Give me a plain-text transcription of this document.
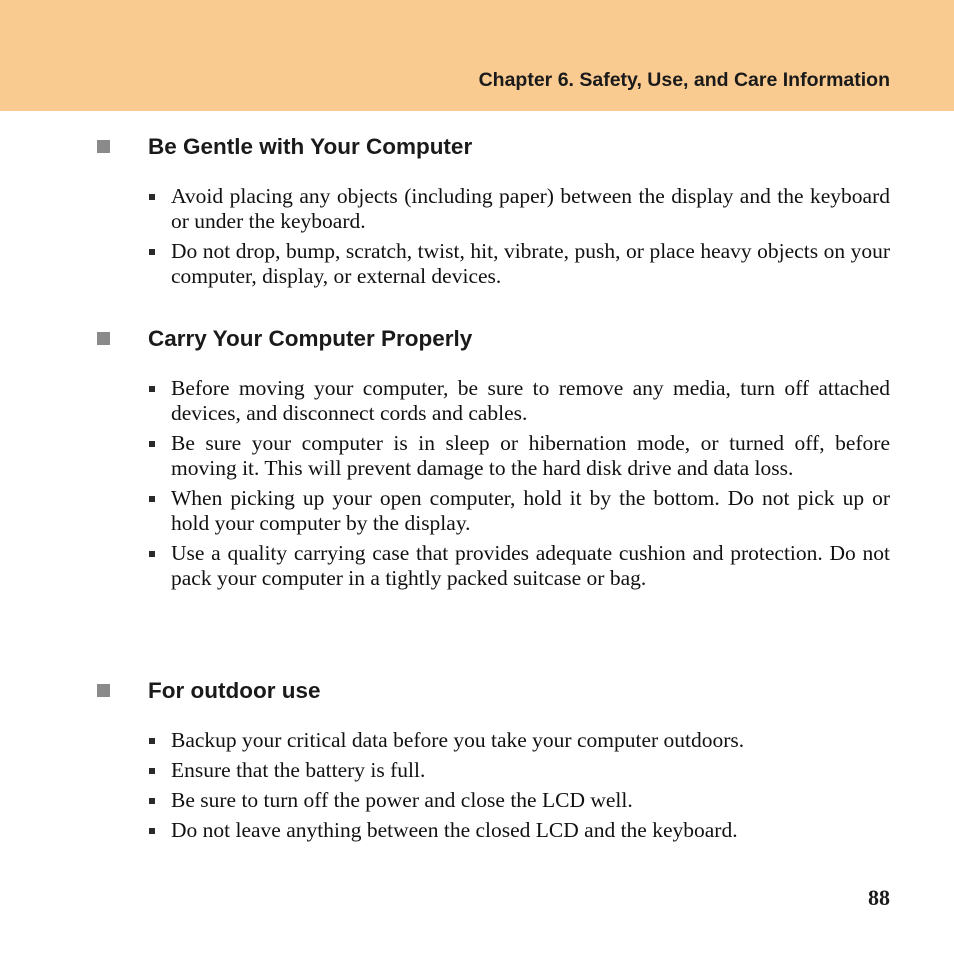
Chapter 6. Safety, Use, and Care Information
Be Gentle with Your Computer
Avoid placing any objects (including paper) between the display and the keyboard or under the keyboard.
Do not drop, bump, scratch, twist, hit, vibrate, push, or place heavy objects on your computer, display, or external devices.
Carry Your Computer Properly
Before moving your computer, be sure to remove any media, turn off attached devices, and disconnect cords and cables.
Be sure your computer is in sleep or hibernation mode, or turned off, before moving it. This will prevent damage to the hard disk drive and data loss.
When picking up your open computer, hold it by the bottom. Do not pick up or hold your computer by the display.
Use a quality carrying case that provides adequate cushion and protection. Do not pack your computer in a tightly packed suitcase or bag.
For outdoor use
Backup your critical data before you take your computer outdoors.
Ensure that the battery is full.
Be sure to turn off the power and close the LCD well.
Do not leave anything between the closed LCD and the keyboard.
88
